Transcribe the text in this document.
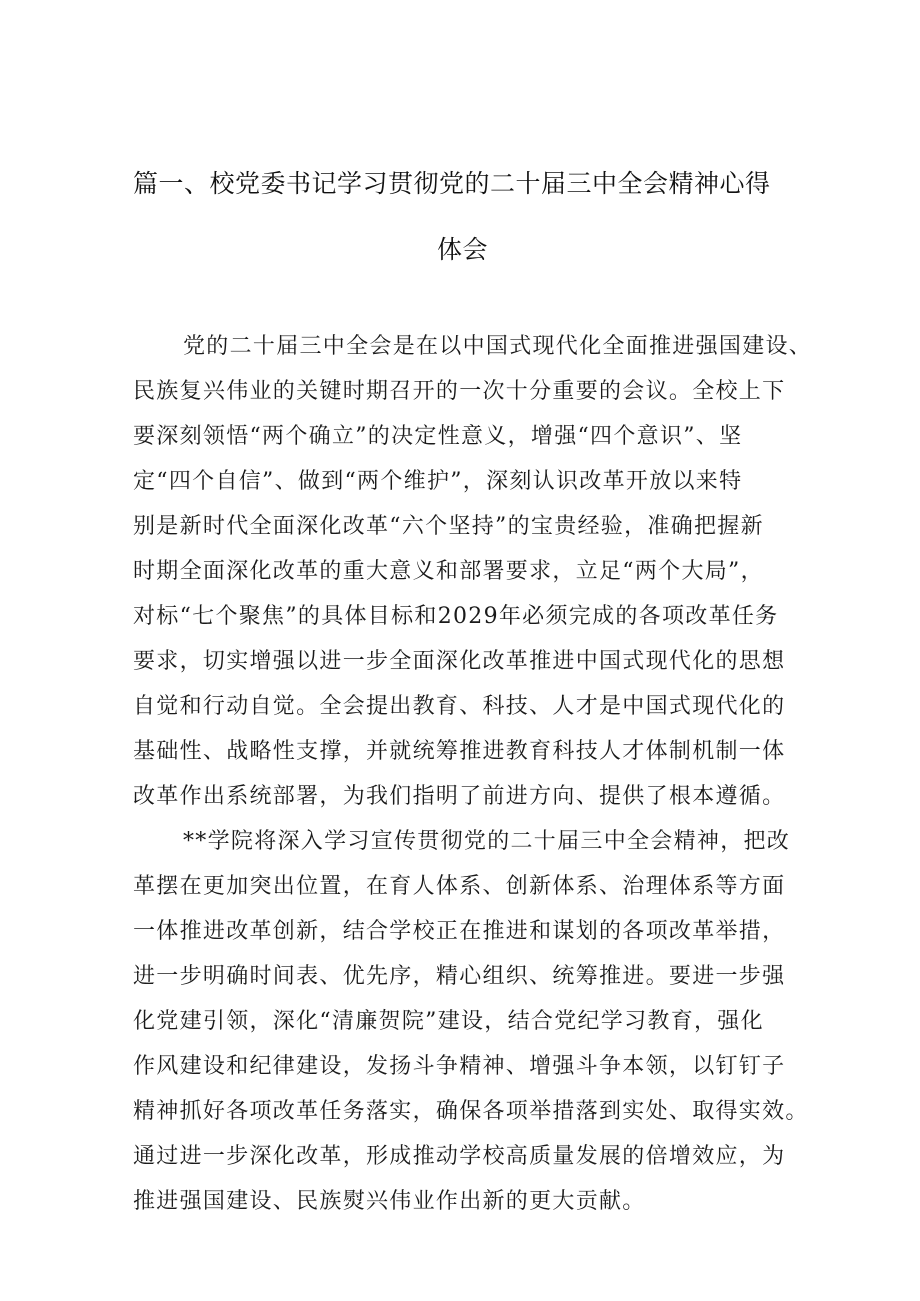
篇一、校党委书记学习贯彻党的二十届三中全会精神心得
体会
党的二十届三中全会是在以中国式现代化全面推进强国建设、
民族复兴伟业的关键时期召开的一次十分重要的会议。全校上下
要深刻领悟“两个确立”的决定性意义，增强“四个意识”、坚
定“四个自信”、做到“两个维护”，深刻认识改革开放以来特
别是新时代全面深化改革“六个坚持”的宝贵经验，准确把握新
时期全面深化改革的重大意义和部署要求，立足“两个大局”，
对标“七个聚焦”的具体目标和2029年必须完成的各项改革任务
要求，切实增强以进一步全面深化改革推进中国式现代化的思想
自觉和行动自觉。全会提出教育、科技、人才是中国式现代化的
基础性、战略性支撑，并就统筹推进教育科技人才体制机制一体
改革作出系统部署，为我们指明了前进方向、提供了根本遵循。
**学院将深入学习宣传贯彻党的二十届三中全会精神，把改
革摆在更加突出位置，在育人体系、创新体系、治理体系等方面
一体推进改革创新，结合学校正在推进和谋划的各项改革举措，
进一步明确时间表、优先序，精心组织、统筹推进。要进一步强
化党建引领，深化“清廉贺院”建设，结合党纪学习教育，强化
作风建设和纪律建设，发扬斗争精神、增强斗争本领，以钉钉子
精神抓好各项改革任务落实，确保各项举措落到实处、取得实效。
通过进一步深化改革，形成推动学校高质量发展的倍增效应，为
推进强国建设、民族熨兴伟业作出新的更大贡献。
